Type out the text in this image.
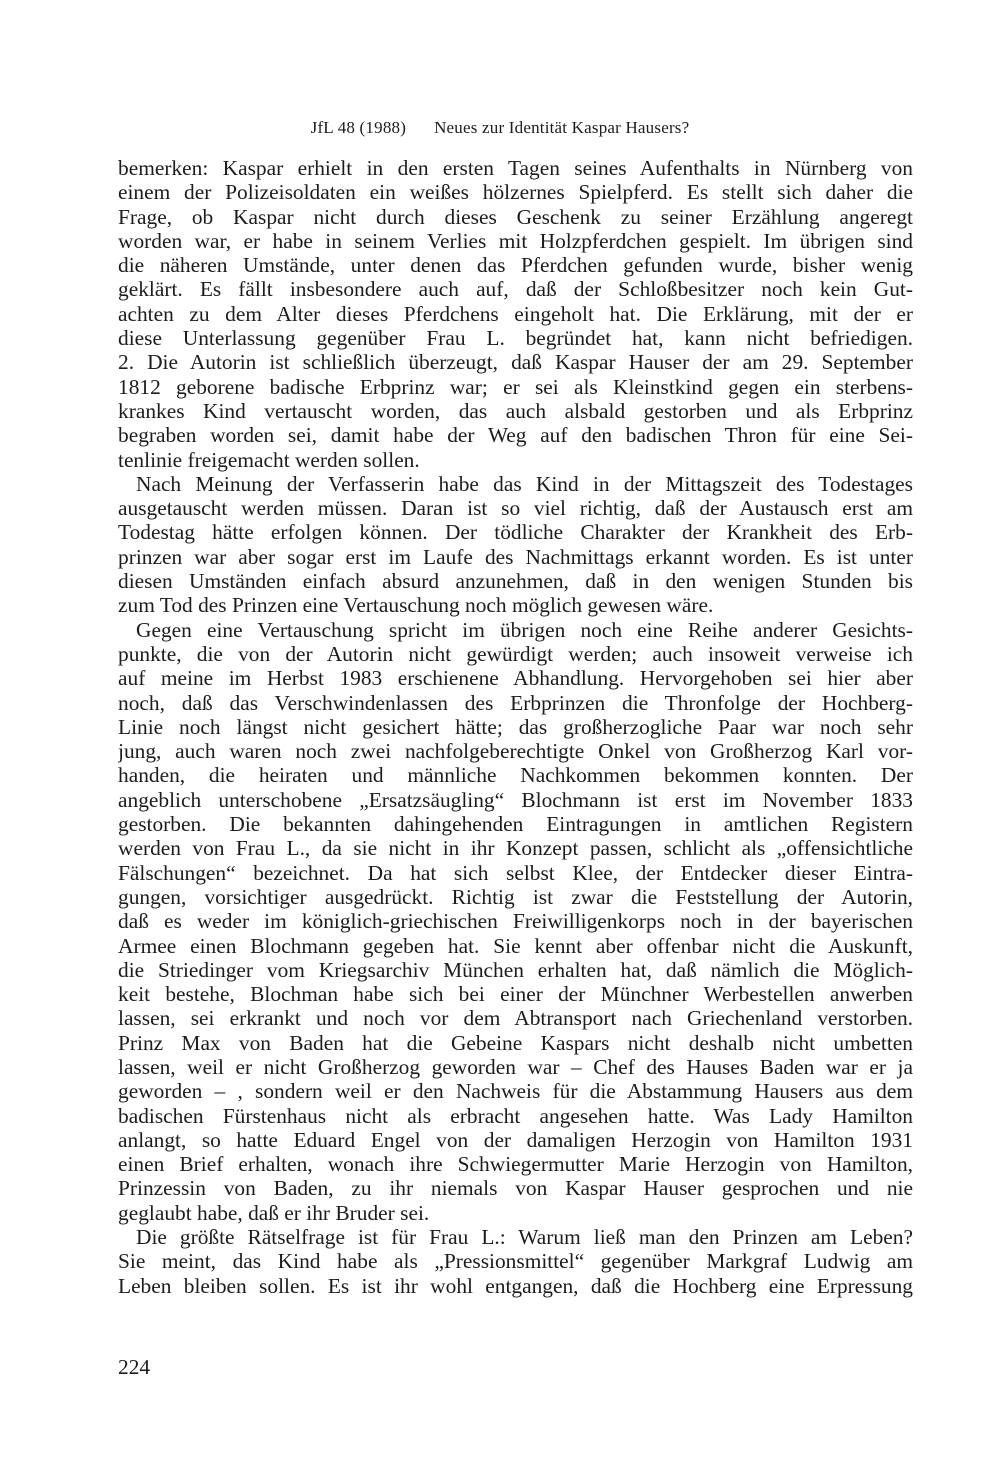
JfL 48 (1988) Neues zur Identität Kaspar Hausers?
bemerken: Kaspar erhielt in den ersten Tagen seines Aufenthalts in Nürnberg von
einem der Polizeisoldaten ein weißes hölzernes Spielpferd. Es stellt sich daher die
Frage, ob Kaspar nicht durch dieses Geschenk zu seiner Erzählung angeregt
worden war, er habe in seinem Verlies mit Holzpferdchen gespielt. Im übrigen sind
die näheren Umstände, unter denen das Pferdchen gefunden wurde, bisher wenig
geklärt. Es fällt insbesondere auch auf, daß der Schloßbesitzer noch kein Gut-
achten zu dem Alter dieses Pferdchens eingeholt hat. Die Erklärung, mit der er
diese Unterlassung gegenüber Frau L. begründet hat, kann nicht befriedigen.
2. Die Autorin ist schließlich überzeugt, daß Kaspar Hauser der am 29. September
1812 geborene badische Erbprinz war; er sei als Kleinstkind gegen ein sterbens-
krankes Kind vertauscht worden, das auch alsbald gestorben und als Erbprinz
begraben worden sei, damit habe der Weg auf den badischen Thron für eine Sei-
tenlinie freigemacht werden sollen.
Nach Meinung der Verfasserin habe das Kind in der Mittagszeit des Todestages
ausgetauscht werden müssen. Daran ist so viel richtig, daß der Austausch erst am
Todestag hätte erfolgen können. Der tödliche Charakter der Krankheit des Erb-
prinzen war aber sogar erst im Laufe des Nachmittags erkannt worden. Es ist unter
diesen Umständen einfach absurd anzunehmen, daß in den wenigen Stunden bis
zum Tod des Prinzen eine Vertauschung noch möglich gewesen wäre.
Gegen eine Vertauschung spricht im übrigen noch eine Reihe anderer Gesichts-
punkte, die von der Autorin nicht gewürdigt werden; auch insoweit verweise ich
auf meine im Herbst 1983 erschienene Abhandlung. Hervorgehoben sei hier aber
noch, daß das Verschwindenlassen des Erbprinzen die Thronfolge der Hochberg-
Linie noch längst nicht gesichert hätte; das großherzogliche Paar war noch sehr
jung, auch waren noch zwei nachfolgeberechtigte Onkel von Großherzog Karl vor-
handen, die heiraten und männliche Nachkommen bekommen konnten. Der
angeblich unterschobene „Ersatzsäugling“ Blochmann ist erst im November 1833
gestorben. Die bekannten dahingehenden Eintragungen in amtlichen Registern
werden von Frau L., da sie nicht in ihr Konzept passen, schlicht als „offensichtliche
Fälschungen“ bezeichnet. Da hat sich selbst Klee, der Entdecker dieser Eintra-
gungen, vorsichtiger ausgedrückt. Richtig ist zwar die Feststellung der Autorin,
daß es weder im königlich-griechischen Freiwilligenkorps noch in der bayerischen
Armee einen Blochmann gegeben hat. Sie kennt aber offenbar nicht die Auskunft,
die Striedinger vom Kriegsarchiv München erhalten hat, daß nämlich die Möglich-
keit bestehe, Blochman habe sich bei einer der Münchner Werbestellen anwerben
lassen, sei erkrankt und noch vor dem Abtransport nach Griechenland verstorben.
Prinz Max von Baden hat die Gebeine Kaspars nicht deshalb nicht umbetten
lassen, weil er nicht Großherzog geworden war – Chef des Hauses Baden war er ja
geworden – , sondern weil er den Nachweis für die Abstammung Hausers aus dem
badischen Fürstenhaus nicht als erbracht angesehen hatte. Was Lady Hamilton
anlangt, so hatte Eduard Engel von der damaligen Herzogin von Hamilton 1931
einen Brief erhalten, wonach ihre Schwiegermutter Marie Herzogin von Hamilton,
Prinzessin von Baden, zu ihr niemals von Kaspar Hauser gesprochen und nie
geglaubt habe, daß er ihr Bruder sei.
Die größte Rätselfrage ist für Frau L.: Warum ließ man den Prinzen am Leben?
Sie meint, das Kind habe als „Pressionsmittel“ gegenüber Markgraf Ludwig am
Leben bleiben sollen. Es ist ihr wohl entgangen, daß die Hochberg eine Erpressung
224
